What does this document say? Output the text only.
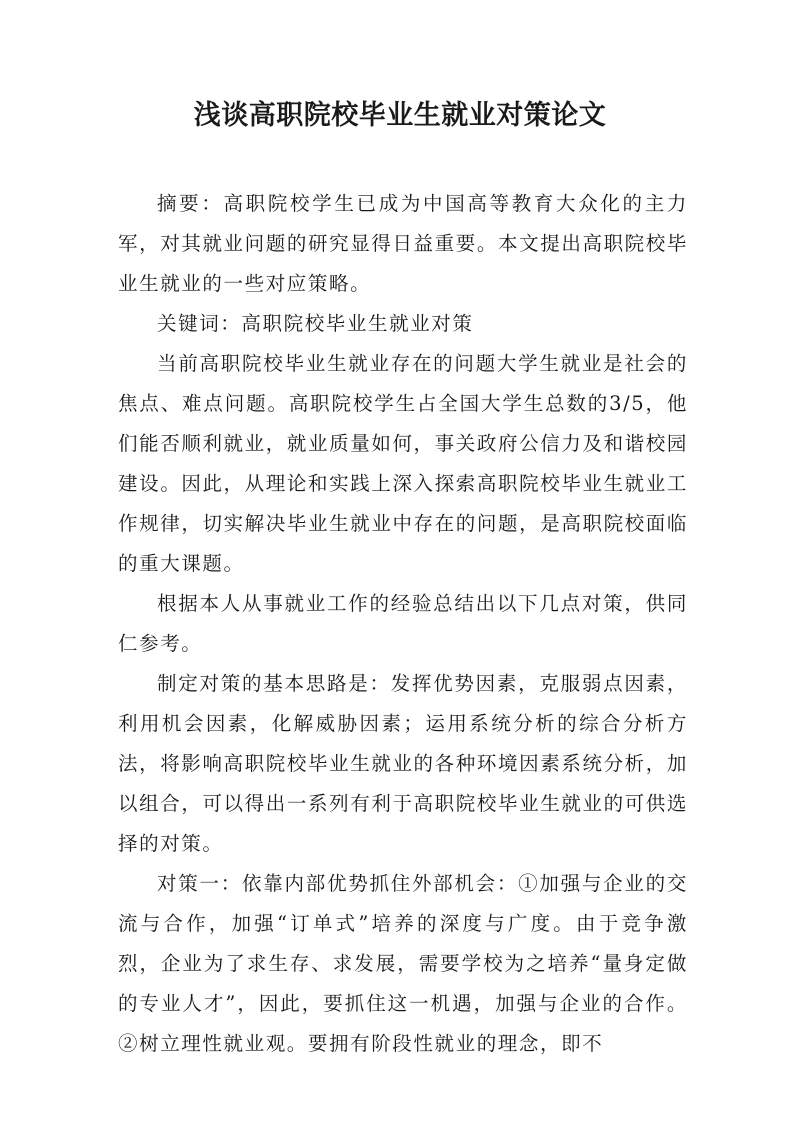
浅谈高职院校毕业生就业对策论文

摘要：高职院校学生已成为中国高等教育大众化的主力军，对其就业问题的研究显得日益重要。本文提出高职院校毕业生就业的一些对应策略。

关键词：高职院校毕业生就业对策

当前高职院校毕业生就业存在的问题大学生就业是社会的焦点、难点问题。高职院校学生占全国大学生总数的3/5，他们能否顺利就业，就业质量如何，事关政府公信力及和谐校园建设。因此，从理论和实践上深入探索高职院校毕业生就业工作规律，切实解决毕业生就业中存在的问题，是高职院校面临的重大课题。

根据本人从事就业工作的经验总结出以下几点对策，供同仁参考。

制定对策的基本思路是：发挥优势因素，克服弱点因素，利用机会因素，化解威胁因素；运用系统分析的综合分析方法，将影响高职院校毕业生就业的各种环境因素系统分析，加以组合，可以得出一系列有利于高职院校毕业生就业的可供选择的对策。

对策一：依靠内部优势抓住外部机会：①加强与企业的交流与合作，加强“订单式”培养的深度与广度。由于竞争激烈，企业为了求生存、求发展，需要学校为之培养“量身定做的专业人才”，因此，要抓住这一机遇，加强与企业的合作。②树立理性就业观。要拥有阶段性就业的理念，即不
